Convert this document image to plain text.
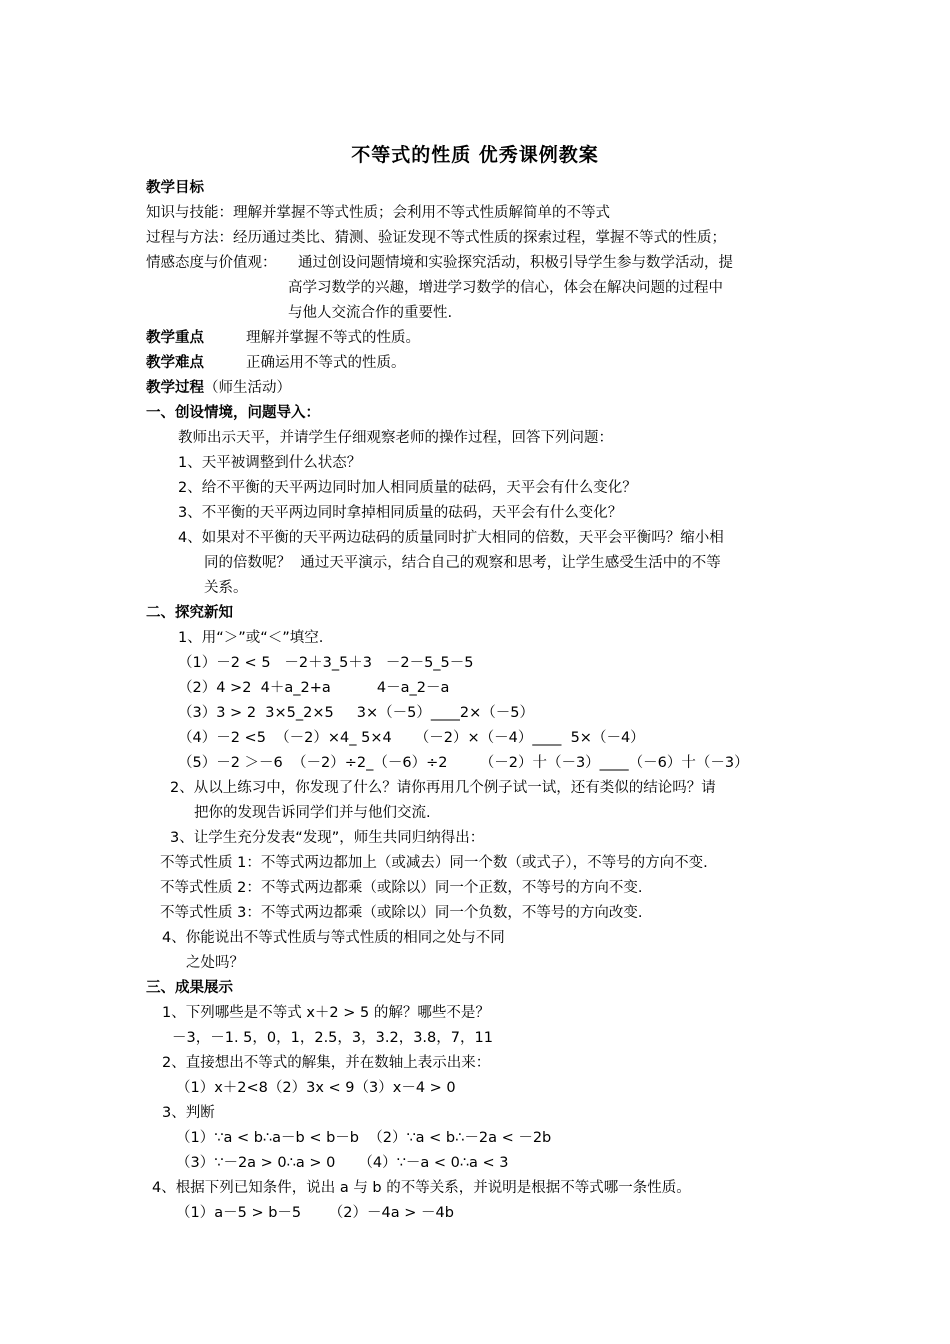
不等式的性质 优秀课例教案
教学目标
知识与技能：理解并掌握不等式性质；会利用不等式性质解简单的不等式
过程与方法：经历通过类比、猜测、验证发现不等式性质的探索过程，掌握不等式的性质；
情感态度与价值观： 通过创设问题情境和实验探究活动，积极引导学生参与数学活动，提
高学习数学的兴趣，增进学习数学的信心，体会在解决问题的过程中
与他人交流合作的重要性.
教学重点	理解并掌握不等式的性质。
教学难点	正确运用不等式的性质。
教学过程（师生活动）
一、创设情境，问题导入：
教师出示天平，并请学生仔细观察老师的操作过程，回答下列问题：
1、天平被调整到什么状态？
2、给不平衡的天平两边同时加人相同质量的砝码，天平会有什么变化？
3、不平衡的天平两边同时拿掉相同质量的砝码，天平会有什么变化？
4、如果对不平衡的天平两边砝码的质量同时扩大相同的倍数，天平会平衡吗？缩小相
同的倍数呢？  通过天平演示，结合自己的观察和思考，让学生感受生活中的不等
关系。
二、探究新知
1、用“＞”或“＜”填空.
（1）－2 < 5   －2＋3_5＋3   －2－5_5－5
（2）4 >2  4＋a_2+a          4－a_2－a
（3）3 > 2  3×5_2×5     3×（－5）____2×（－5）
（4）－2 <5  （－2）×4_ 5×4     （－2）×（－4）____  5×（－4）
（5）－2 ＞－6  （－2）÷2_（－6）÷2       （－2）十（－3）____（－6）十（－3）
2、从以上练习中，你发现了什么？请你再用几个例子试一试，还有类似的结论吗？请
把你的发现告诉同学们并与他们交流.
3、让学生充分发表“发现”，师生共同归纳得出：
不等式性质 1：不等式两边都加上（或减去）同一个数（或式子），不等号的方向不变.
不等式性质 2：不等式两边都乘（或除以）同一个正数，不等号的方向不变.
不等式性质 3：不等式两边都乘（或除以）同一个负数，不等号的方向改变.
4、你能说出不等式性质与等式性质的相同之处与不同
之处吗？
三、成果展示
1、下列哪些是不等式 x＋2 > 5 的解？哪些不是？
－3，－1. 5，0，1，2.5，3，3.2，3.8，7，11
2、直接想出不等式的解集，并在数轴上表示出来：
（1）x＋2<8（2）3x < 9（3）x－4 > 0
3、判断
（1）∵a < b∴a－b < b－b  （2）∵a < b∴－2a < －2b
（3）∵－2a > 0∴a > 0     （4）∵－a < 0∴a < 3
4、根据下列已知条件，说出 a 与 b 的不等关系，并说明是根据不等式哪一条性质。
（1）a－5 > b－5      （2）－4a > －4b
